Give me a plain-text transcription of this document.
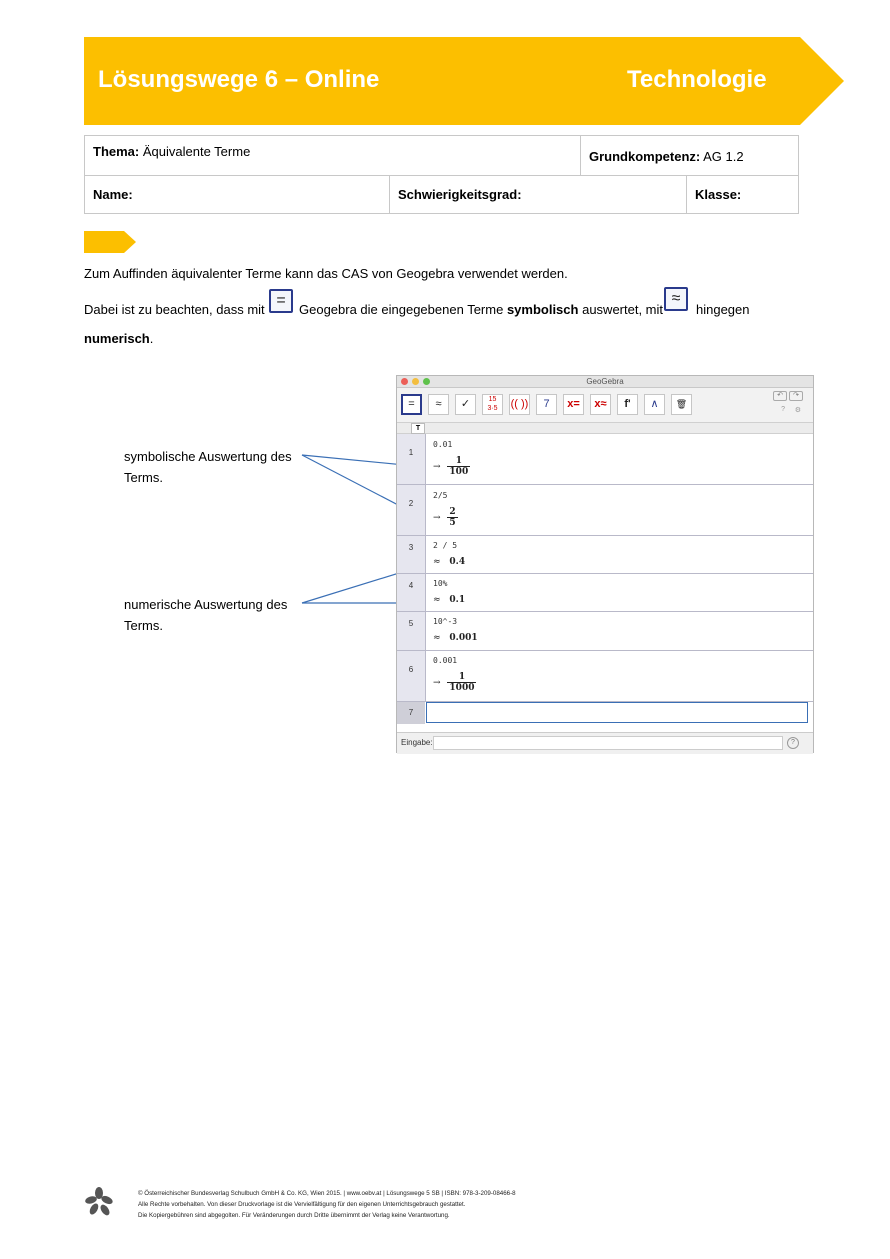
Lösungswege 6 – Online	Technologie
Thema: Äquivalente Terme	Grundkompetenz: AG 1.2
Name:	Schwierigkeitsgrad:	Klasse:
Zum Auffinden äquivalenter Terme kann das CAS von Geogebra verwendet werden.
Dabei ist zu beachten, dass mit
=
Geogebra die eingegebenen Terme symbolisch auswertet, mit
≈
hingegen
numerisch.
symbolische Auswertung des
Terms.
numerische Auswertung des
Terms.
GeoGebra
=	≈	✓	15 3·5	(( ))	7	x=	x≈	f'	∧	🗑
↷
↶
⚙
?
T
1
0.01
→ $\frac{1}{100}$
2
2/5
→ $\frac{2}{5}$
3	2 / 5
≈ 0.4
4	10%
≈ 0.1
5	10^-3
≈ 0.001
6
0.001
→ $\frac{1}{1000}$
7
Eingabe:	?
© Österreichischer Bundesverlag Schulbuch GmbH & Co. KG, Wien 2015. | www.oebv.at | Lösungswege 5 SB | ISBN: 978-3-209-08466-8
Alle Rechte vorbehalten. Von dieser Druckvorlage ist die Vervielfältigung für den eigenen Unterrichtsgebrauch gestattet.
Die Kopiergebühren sind abgegolten. Für Veränderungen durch Dritte übernimmt der Verlag keine Verantwortung.
